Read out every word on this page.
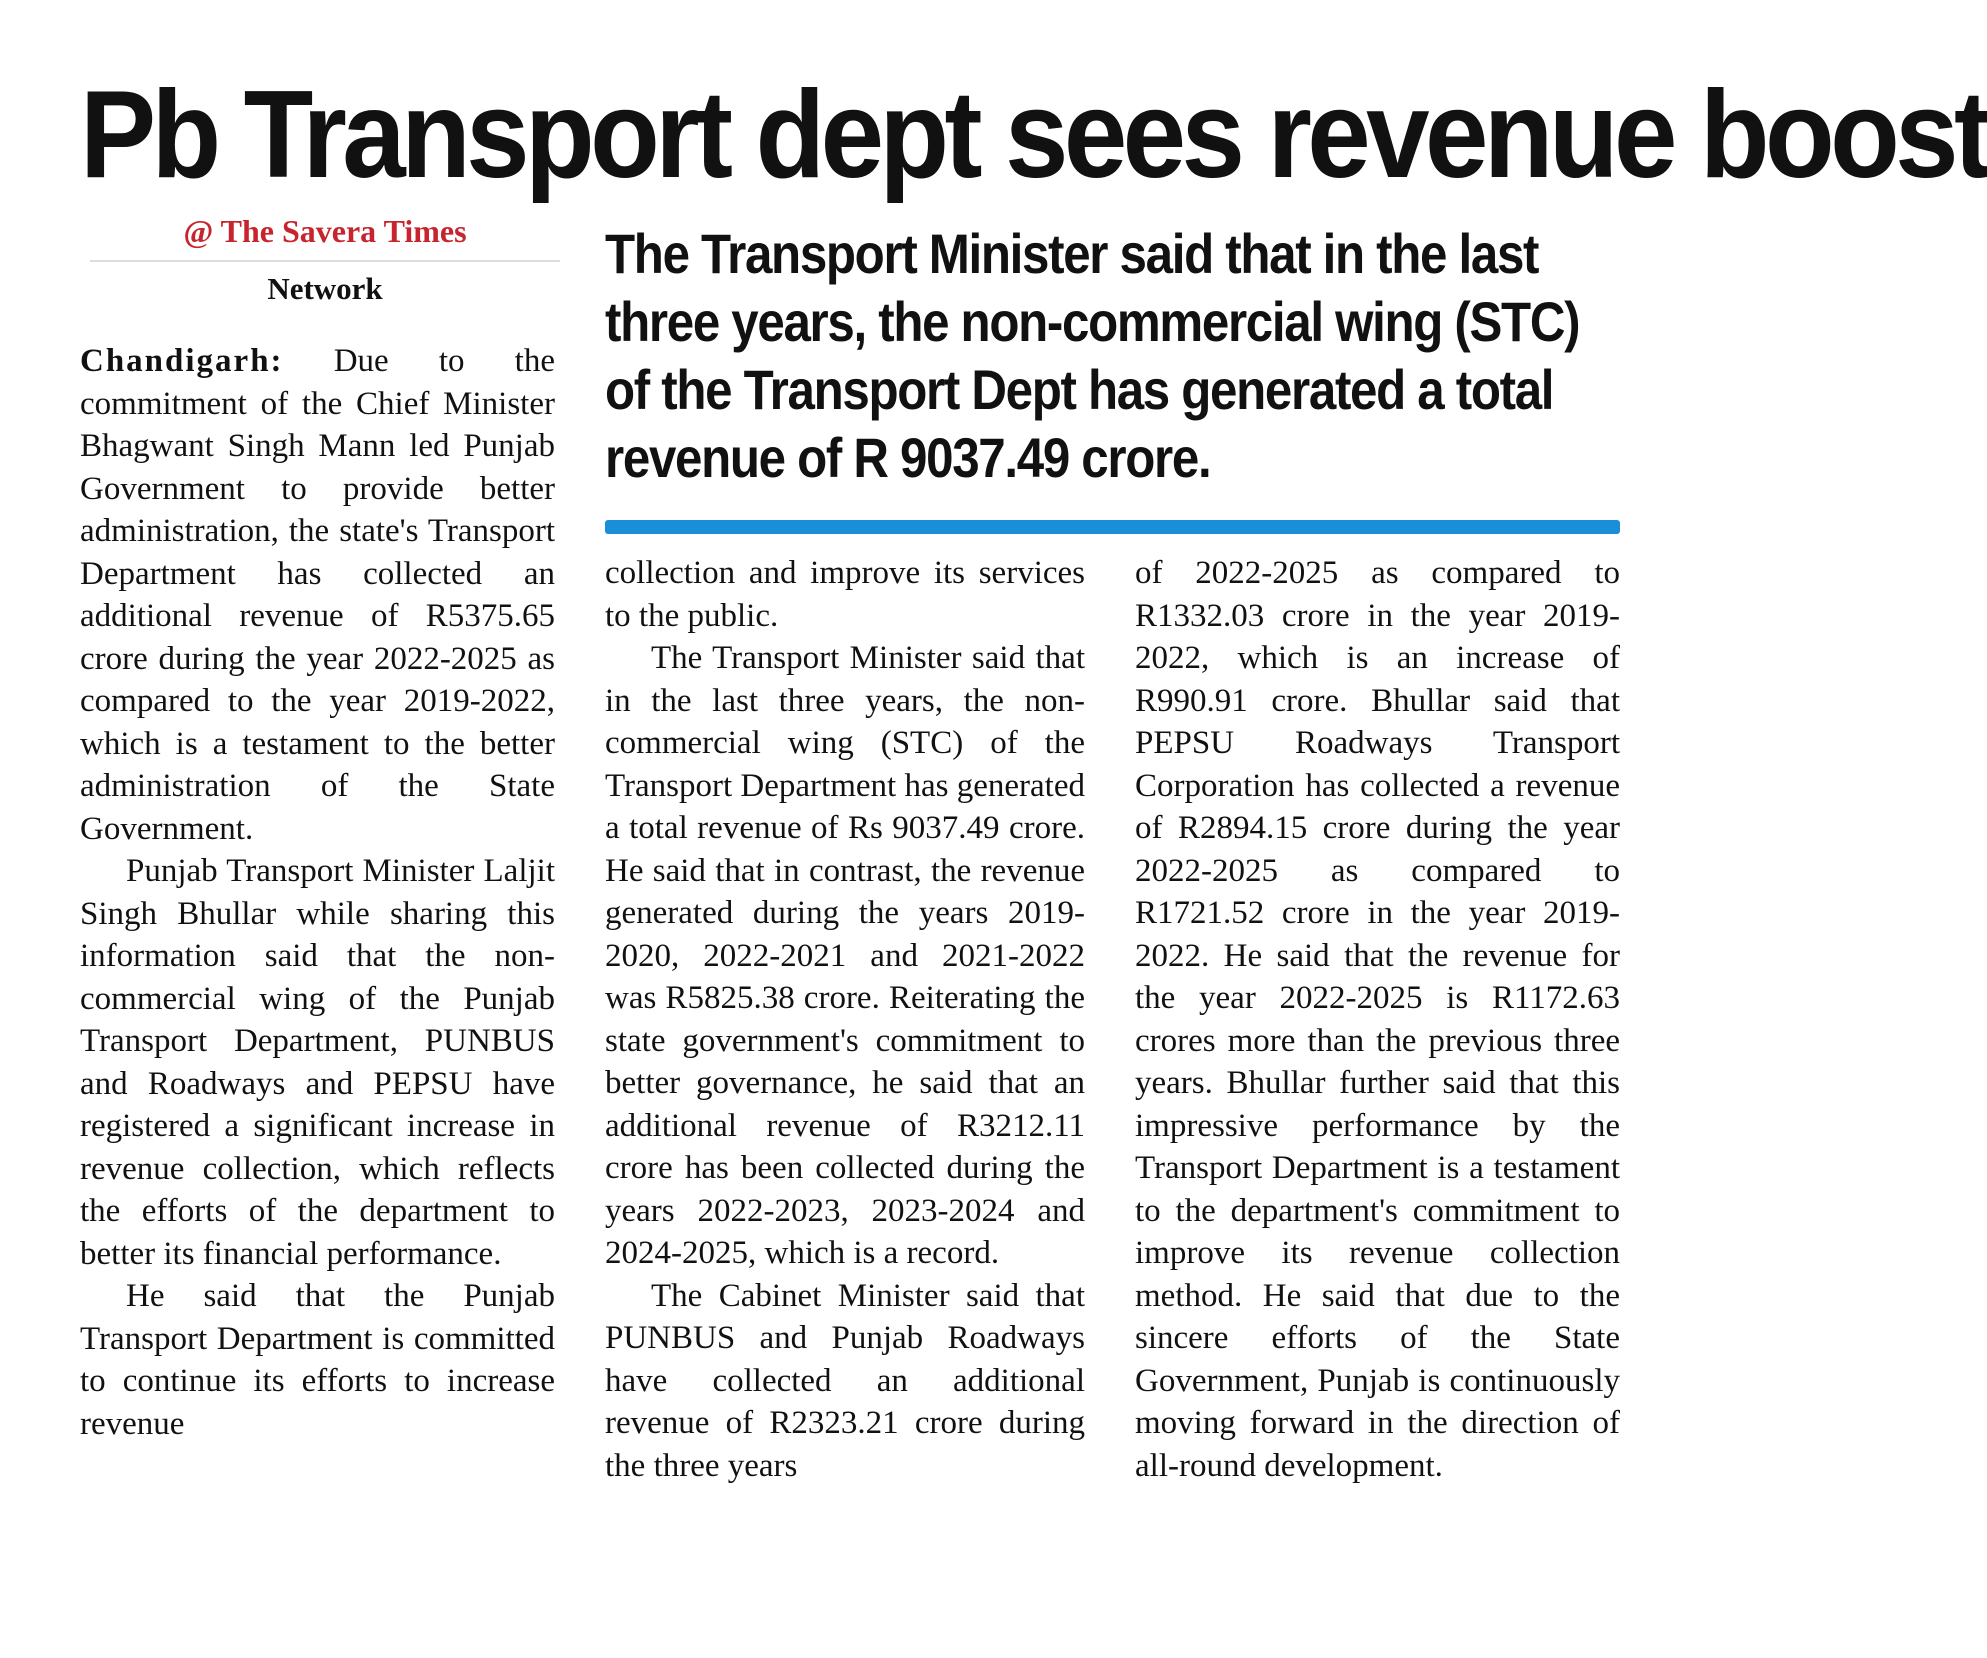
Pb Transport dept sees revenue boost
@ The Savera Times
Network
The Transport Minister said that in the last
three years, the non-commercial wing (STC)
of the Transport Dept has generated a total
revenue of R 9037.49 crore.

Chandigarh: Due to the commitment of the Chief Minister Bhagwant Singh Mann led Punjab Government to provide better administration, the state's Transport Department has collected an additional revenue of R5375.65 crore during the year 2022-2025 as compared to the year 2019-2022, which is a testament to the better administration of the State Government.

Punjab Transport Minister Laljit Singh Bhullar while sharing this information said that the non-commercial wing of the Punjab Transport Department, PUNBUS and Roadways and PEPSU have registered a significant increase in revenue collection, which reflects the efforts of the department to better its financial performance.

He said that the Punjab Transport Department is committed to continue its efforts to increase revenue

collection and improve its services to the public.

The Transport Minister said that in the last three years, the non-commercial wing (STC) of the Transport Department has generated a total revenue of Rs 9037.49 crore. He said that in contrast, the revenue generated during the years 2019-2020, 2022-2021 and 2021-2022 was R5825.38 crore. Reiterating the state government's commitment to better governance, he said that an additional revenue of R3212.11 crore has been collected during the years 2022-2023, 2023-2024 and 2024-2025, which is a record.

The Cabinet Minister said that PUNBUS and Punjab Roadways have collected an additional revenue of R2323.21 crore during the three years

of 2022-2025 as compared to R1332.03 crore in the year 2019-2022, which is an increase of R990.91 crore. Bhullar said that PEPSU Roadways Transport Corporation has collected a revenue of R2894.15 crore during the year 2022-2025 as compared to R1721.52 crore in the year 2019-2022. He said that the revenue for the year 2022-2025 is R1172.63 crores more than the previous three years. Bhullar further said that this impressive performance by the Transport Department is a testament to the department's commitment to improve its revenue collection method. He said that due to the sincere efforts of the State Government, Punjab is continuously moving forward in the direction of all-round development.
